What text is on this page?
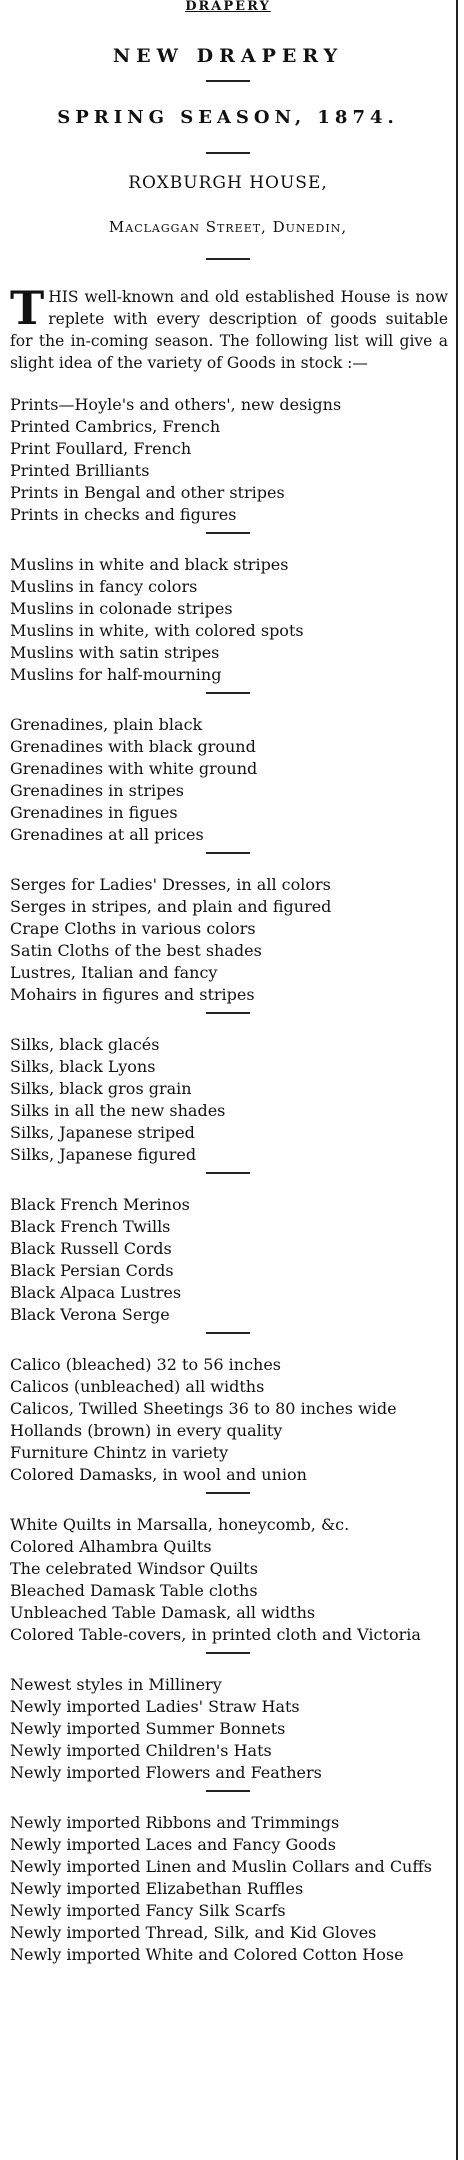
DRAPERY
NEW DRAPERY
SPRING SEASON, 1874.
ROXBURGH HOUSE,
Maclaggan Street, Dunedin,
THIS well-known and old established House is now replete with every description of goods suitable for the in-coming season. The following list will give a slight idea of the variety of Goods in stock :—
Prints—Hoyle's and others', new designs
Printed Cambrics, French
Print Foullard, French
Printed Brilliants
Prints in Bengal and other stripes
Prints in checks and figures
Muslins in white and black stripes
Muslins in fancy colors
Muslins in colonade stripes
Muslins in white, with colored spots
Muslins with satin stripes
Muslins for half-mourning
Grenadines, plain black
Grenadines with black ground
Grenadines with white ground
Grenadines in stripes
Grenadines in figues
Grenadines at all prices
Serges for Ladies' Dresses, in all colors
Serges in stripes, and plain and figured
Crape Cloths in various colors
Satin Cloths of the best shades
Lustres, Italian and fancy
Mohairs in figures and stripes
Silks, black glacés
Silks, black Lyons
Silks, black gros grain
Silks in all the new shades
Silks, Japanese striped
Silks, Japanese figured
Black French Merinos
Black French Twills
Black Russell Cords
Black Persian Cords
Black Alpaca Lustres
Black Verona Serge
Calico (bleached) 32 to 56 inches
Calicos (unbleached) all widths
Calicos, Twilled Sheetings 36 to 80 inches wide
Hollands (brown) in every quality
Furniture Chintz in variety
Colored Damasks, in wool and union
White Quilts in Marsalla, honeycomb, &c.
Colored Alhambra Quilts
The celebrated Windsor Quilts
Bleached Damask Table cloths
Unbleached Table Damask, all widths
Colored Table-covers, in printed cloth and Victoria
Newest styles in Millinery
Newly imported Ladies' Straw Hats
Newly imported Summer Bonnets
Newly imported Children's Hats
Newly imported Flowers and Feathers
Newly imported Ribbons and Trimmings
Newly imported Laces and Fancy Goods
Newly imported Linen and Muslin Collars and Cuffs
Newly imported Elizabethan Ruffles
Newly imported Fancy Silk Scarfs
Newly imported Thread, Silk, and Kid Gloves
Newly imported White and Colored Cotton Hose
